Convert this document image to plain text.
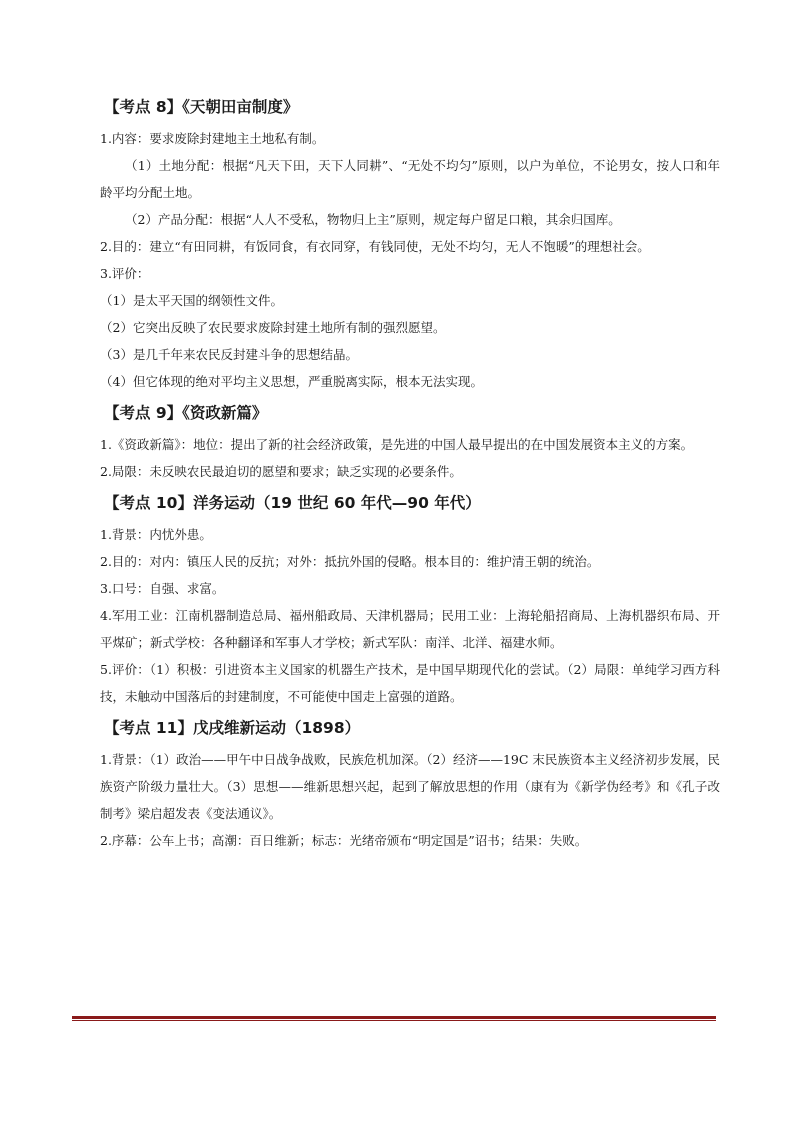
【考点 8】《天朝田亩制度》

1.内容：要求废除封建地主土地私有制。

（1）土地分配：根据“凡天下田，天下人同耕”、“无处不均匀”原则，以户为单位，不论男女，按人口和年龄平均分配土地。

（2）产品分配：根据“人人不受私，物物归上主”原则，规定每户留足口粮，其余归国库。

2.目的：建立“有田同耕，有饭同食，有衣同穿，有钱同使，无处不均匀，无人不饱暖”的理想社会。

3.评价：

（1）是太平天国的纲领性文件。

（2）它突出反映了农民要求废除封建土地所有制的强烈愿望。

（3）是几千年来农民反封建斗争的思想结晶。

（4）但它体现的绝对平均主义思想，严重脱离实际，根本无法实现。

【考点 9】《资政新篇》

1.《资政新篇》：地位：提出了新的社会经济政策，是先进的中国人最早提出的在中国发展资本主义的方案。

2.局限：未反映农民最迫切的愿望和要求；缺乏实现的必要条件。

【考点 10】洋务运动（19 世纪 60 年代—90 年代）

1.背景：内忧外患。

2.目的：对内：镇压人民的反抗；对外：抵抗外国的侵略。根本目的：维护清王朝的统治。

3.口号：自强、求富。

4.军用工业：江南机器制造总局、福州船政局、天津机器局；民用工业：上海轮船招商局、上海机器织布局、开平煤矿；新式学校：各种翻译和军事人才学校；新式军队：南洋、北洋、福建水师。

5.评价：（1）积极：引进资本主义国家的机器生产技术，是中国早期现代化的尝试。（2）局限：单纯学习西方科技，未触动中国落后的封建制度，不可能使中国走上富强的道路。

【考点 11】戊戌维新运动（1898）

1.背景：（1）政治——甲午中日战争战败，民族危机加深。（2）经济——19C 末民族资本主义经济初步发展，民族资产阶级力量壮大。（3）思想——维新思想兴起，起到了解放思想的作用（康有为《新学伪经考》和《孔子改制考》梁启超发表《变法通议》。

2.序幕：公车上书；高潮：百日维新；标志：光绪帝颁布“明定国是”诏书；结果：失败。
